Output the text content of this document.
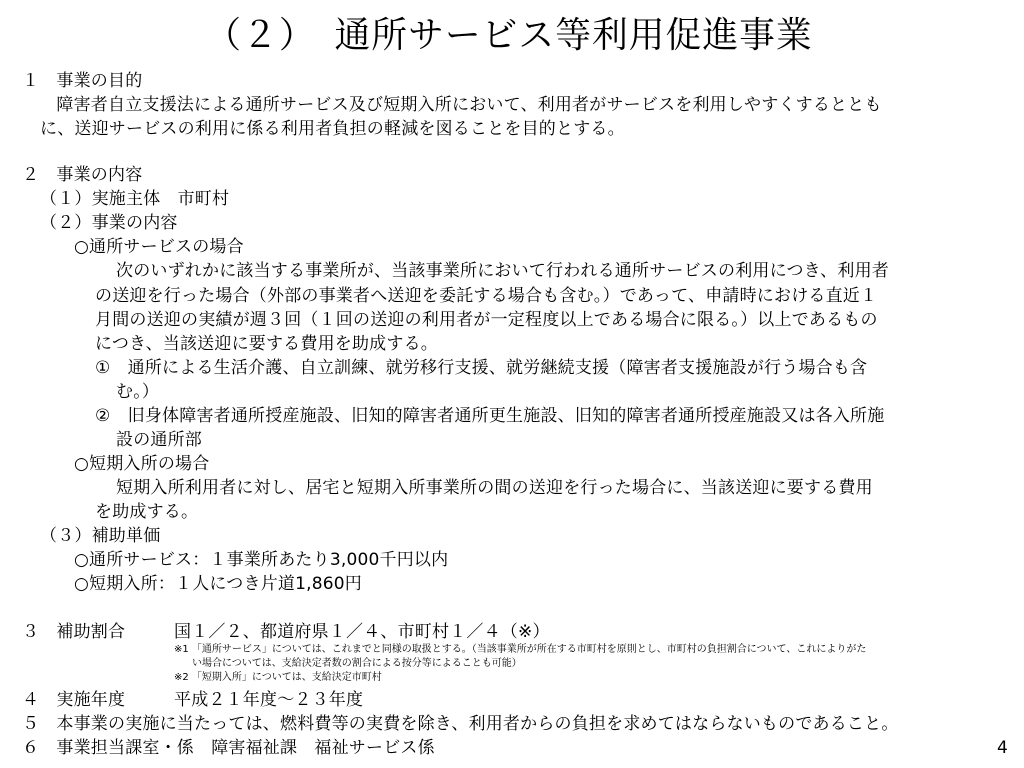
（２）　通所サービス等利用促進事業
１　事業の目的
　　障害者自立支援法による通所サービス及び短期入所において、利用者がサービスを利用しやすくするととも
に、送迎サービスの利用に係る利用者負担の軽減を図ることを目的とする。
２　事業の内容
（１）実施主体　市町村
（２）事業の内容
○通所サービスの場合
次のいずれかに該当する事業所が、当該事業所において行われる通所サービスの利用につき、利用者
の送迎を行った場合（外部の事業者へ送迎を委託する場合も含む。）であって、申請時における直近１
月間の送迎の実績が週３回（１回の送迎の利用者が一定程度以上である場合に限る。）以上であるもの
につき、当該送迎に要する費用を助成する。
①　通所による生活介護、自立訓練、就労移行支援、就労継続支援（障害者支援施設が行う場合も含
む。）
②　旧身体障害者通所授産施設、旧知的障害者通所更生施設、旧知的障害者通所授産施設又は各入所施
設の通所部
○短期入所の場合
短期入所利用者に対し、居宅と短期入所事業所の間の送迎を行った場合に、当該送迎に要する費用
を助成する。
（３）補助単価
○通所サービス：１事業所あたり3,000千円以内
○短期入所：１人につき片道1,860円
３　補助割合	国１／２、都道府県１／４、市町村１／４（※）
※1 「通所サービス」については、これまでと同様の取扱とする。（当該事業所が所在する市町村を原則とし、市町村の負担割合について、これによりがた
い場合については、支給決定者数の割合による按分等によることも可能）
※2 「短期入所」については、支給決定市町村
４　実施年度	平成２１年度～２３年度
５　本事業の実施に当たっては、燃料費等の実費を除き、利用者からの負担を求めてはならないものであること。
６　事業担当課室・係　障害福祉課　福祉サービス係	4
